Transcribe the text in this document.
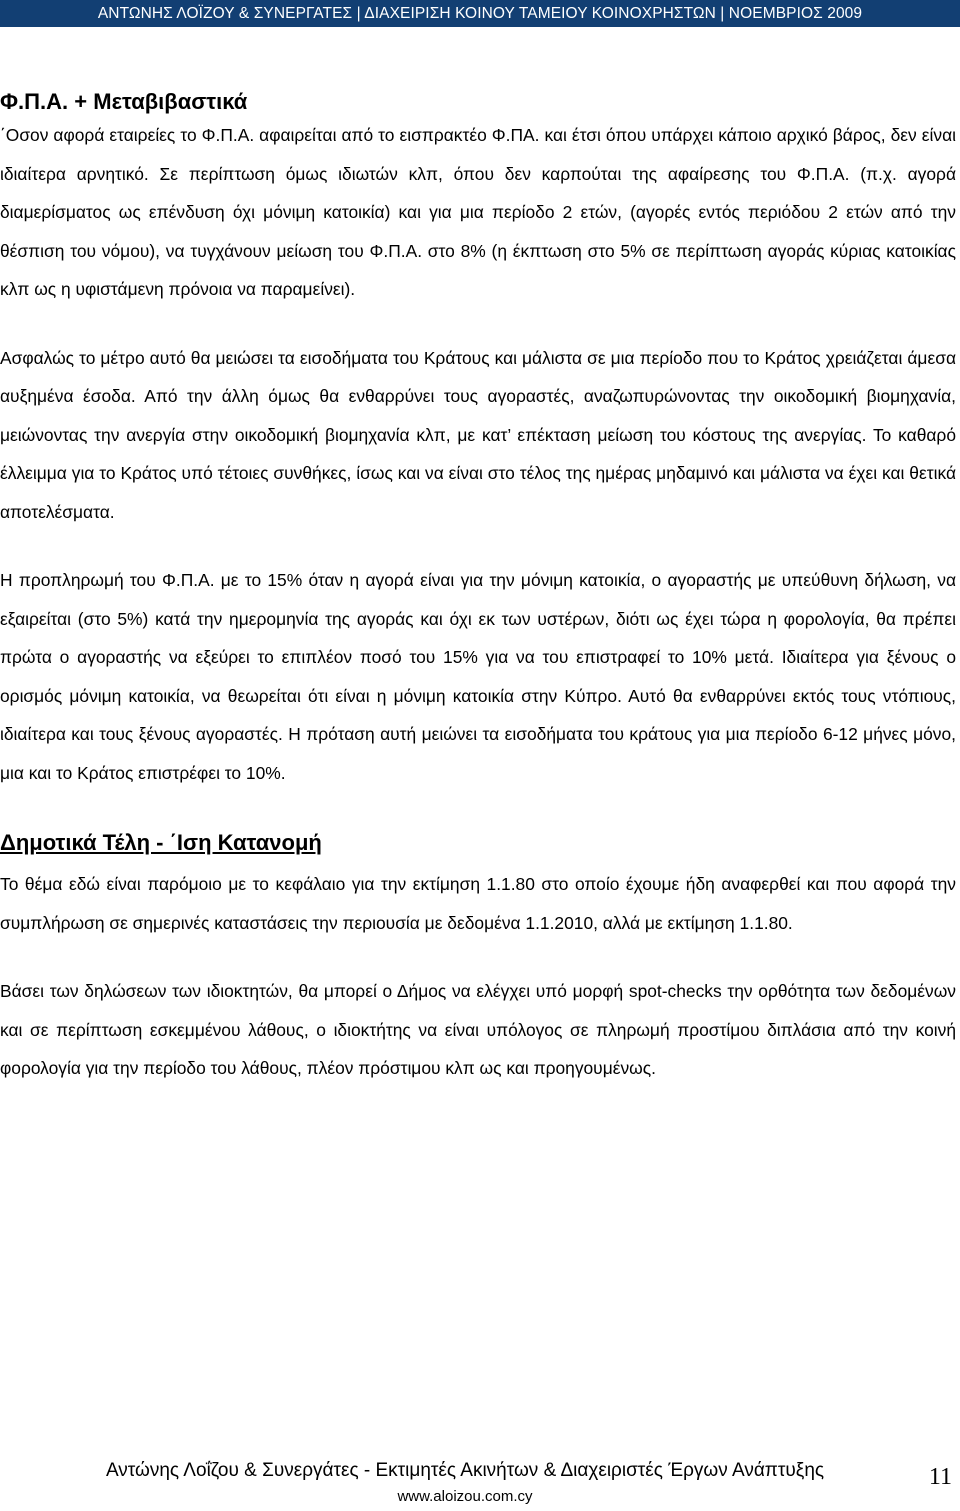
ΑΝΤΩΝΗΣ ΛΟΪΖΟΥ & ΣΥΝΕΡΓΑΤΕΣ | ΔΙΑΧΕΙΡΙΣΗ ΚΟΙΝΟΥ ΤΑΜΕΙΟΥ ΚΟΙΝΟΧΡΗΣΤΩΝ | ΝΟΕΜΒΡΙΟΣ 2009
Φ.Π.Α. + Μεταβιβαστικά

΄Οσον αφορά εταιρείες το Φ.Π.Α. αφαιρείται από το εισπρακτέο Φ.ΠΑ. και έτσι όπου υπάρχει κάποιο αρχικό βάρος, δεν είναι ιδιαίτερα αρνητικό. Σε περίπτωση όμως ιδιωτών κλπ, όπου δεν καρπούται της αφαίρεσης του Φ.Π.Α. (π.χ. αγορά διαμερίσματος ως επένδυση όχι μόνιμη κατοικία) και για μια περίοδο 2 ετών, (αγορές εντός περιόδου 2 ετών από την θέσπιση του νόμου), να τυγχάνουν μείωση του Φ.Π.Α. στο 8% (η έκπτωση στο 5% σε περίπτωση αγοράς κύριας κατοικίας κλπ ως η υφιστάμενη πρόνοια να παραμείνει).

Ασφαλώς το μέτρο αυτό θα μειώσει τα εισοδήματα του Κράτους και μάλιστα σε μια περίοδο που το Κράτος χρειάζεται άμεσα αυξημένα έσοδα. Από την άλλη όμως θα ενθαρρύνει τους αγοραστές, αναζωπυρώνοντας την οικοδομική βιομηχανία, μειώνοντας την ανεργία στην οικοδομική βιομηχανία κλπ, με κατ’ επέκταση μείωση του κόστους της ανεργίας. Το καθαρό έλλειμμα για το Κράτος υπό τέτοιες συνθήκες, ίσως και να είναι στο τέλος της ημέρας μηδαμινό και μάλιστα να έχει και θετικά αποτελέσματα.

Η προπληρωμή του Φ.Π.Α. με το 15% όταν η αγορά είναι για την μόνιμη κατοικία, ο αγοραστής με υπεύθυνη δήλωση, να εξαιρείται (στο 5%) κατά την ημερομηνία της αγοράς και όχι εκ των υστέρων, διότι ως έχει τώρα η φορολογία, θα πρέπει πρώτα ο αγοραστής να εξεύρει το επιπλέον ποσό του 15% για να του επιστραφεί το 10% μετά. Ιδιαίτερα για ξένους ο ορισμός μόνιμη κατοικία, να θεωρείται ότι είναι η μόνιμη κατοικία στην Κύπρο. Αυτό θα ενθαρρύνει εκτός τους ντόπιους, ιδιαίτερα και τους ξένους αγοραστές. Η πρόταση αυτή μειώνει τα εισοδήματα του κράτους για μια περίοδο 6-12 μήνες μόνο, μια και το Κράτος επιστρέφει το 10%.

Δημοτικά Τέλη - ΄Ιση Κατανομή

Το θέμα εδώ είναι παρόμοιο με το κεφάλαιο για την εκτίμηση 1.1.80 στο οποίο έχουμε ήδη αναφερθεί και που αφορά την συμπλήρωση σε σημερινές καταστάσεις την περιουσία με δεδομένα 1.1.2010, αλλά με εκτίμηση 1.1.80.

Βάσει των δηλώσεων των ιδιοκτητών, θα μπορεί ο Δήμος να ελέγχει υπό μορφή spot-checks την ορθότητα των δεδομένων και σε περίπτωση εσκεμμένου λάθους, ο ιδιοκτήτης να είναι υπόλογος σε πληρωμή προστίμου διπλάσια από την κοινή φορολογία για την περίοδο του λάθους, πλέον πρόστιμου κλπ ως και προηγουμένως.

Αντώνης Λοΐζου & Συνεργάτες - Εκτιμητές Ακινήτων & Διαχειριστές Έργων Ανάπτυξης
www.aloizou.com.cy
11
